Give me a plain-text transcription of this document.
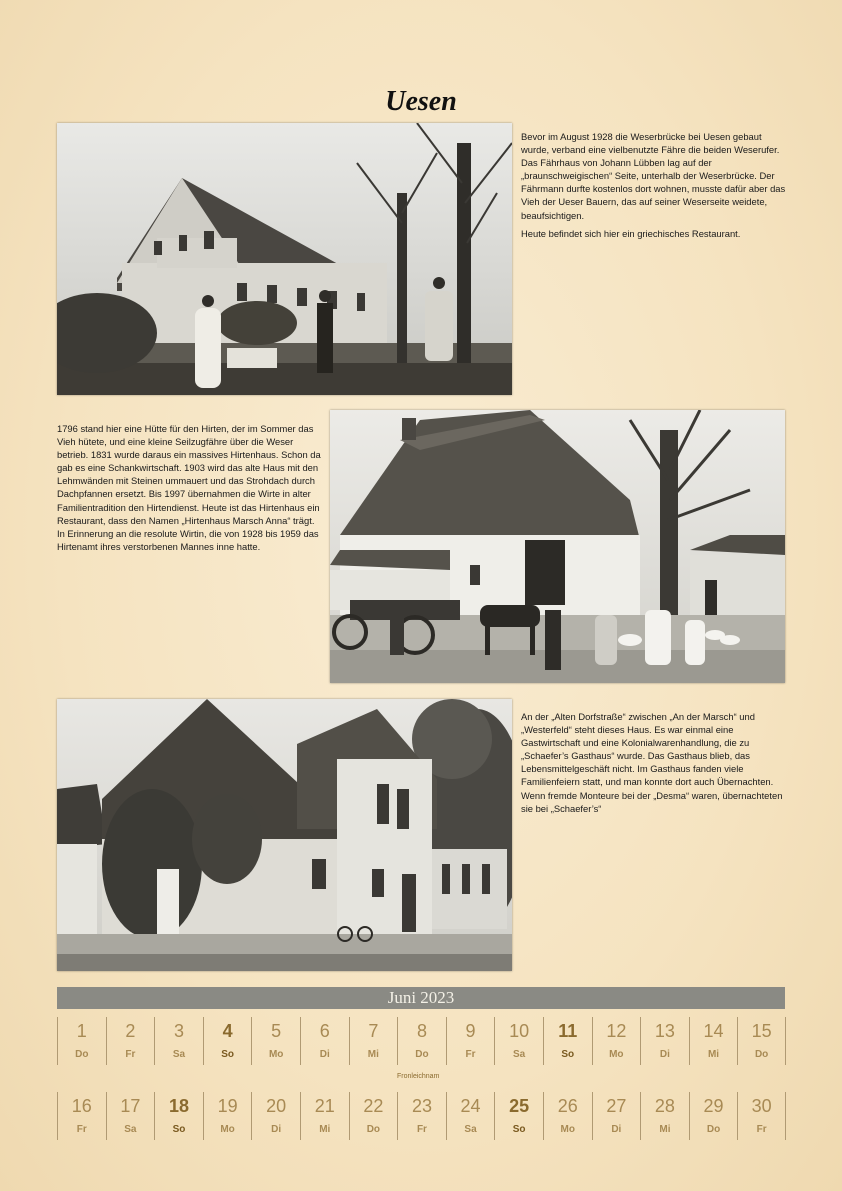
Uesen

Bevor im August 1928 die Weserbrücke bei Uesen gebaut wurde, verband eine vielbenutzte Fähre die beiden Weserufer. Das Fährhaus von Johann Lübben lag auf der „braunschweigischen“ Seite, unterhalb der Weserbrücke. Der Fährmann durfte kostenlos dort wohnen, musste dafür aber das Vieh der Ueser Bauern, das auf seiner Weserseite weidete, beaufsichtigen.

Heute befindet sich hier ein griechisches Restaurant.

1796 stand hier eine Hütte für den Hirten, der im Sommer das Vieh hütete, und eine kleine Seilzugfähre über die Weser betrieb. 1831 wurde daraus ein massives Hirtenhaus. Schon da gab es eine Schankwirtschaft. 1903 wird das alte Haus mit den Lehmwänden mit Steinen ummauert und das Strohdach durch Dachpfannen ersetzt. Bis 1997 übernahmen die Wirte in alter Familientradition den Hirtendienst. Heute ist das Hirtenhaus ein Restaurant, dass den Namen „Hirtenhaus Marsch Anna“ trägt. In Erinnerung an die resolute Wirtin, die von 1928 bis 1959 das Hirtenamt ihres verstorbenen Mannes inne hatte.

An der „Alten Dorfstraße“ zwischen „An der Marsch“ und „Westerfeld“ steht dieses Haus. Es war einmal eine Gastwirtschaft und eine Kolonialwarenhandlung, die zu „Schaefer’s Gasthaus“ wurde. Das Gasthaus blieb, das Lebensmittelgeschäft nicht. Im Gasthaus fanden viele Familienfeiern statt, und man konnte dort auch Übernachten. Wenn fremde Monteure bei der „Desma“ waren, übernachteten sie bei „Schaefer’s“

Juni 2023
1
Do
2
Fr
3
Sa
4
So
5
Mo
6
Di
7
Mi
8
Do
9
Fr
10
Sa
11
So
12
Mo
13
Di
14
Mi
15
Do
Fronleichnam
16
Fr
17
Sa
18
So
19
Mo
20
Di
21
Mi
22
Do
23
Fr
24
Sa
25
So
26
Mo
27
Di
28
Mi
29
Do
30
Fr
